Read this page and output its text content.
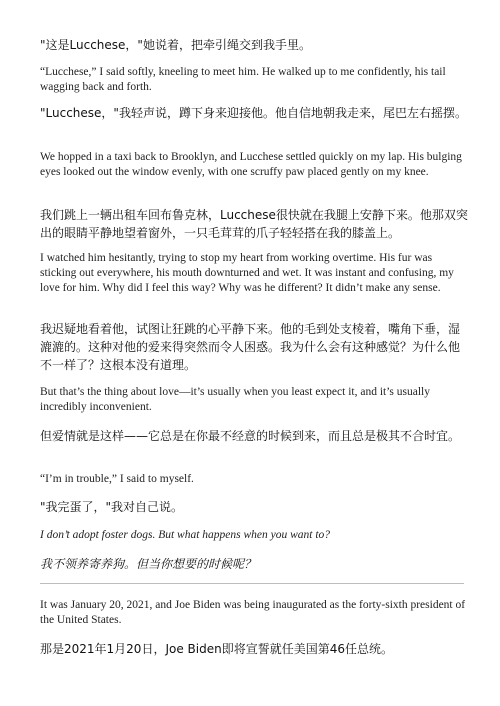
"这是Lucchese，"她说着，把牵引绳交到我手里。

“Lucchese,” I said softly, kneeling to meet him. He walked up to me confidently, his tail wagging back and forth.

"Lucchese，"我轻声说，蹲下身来迎接他。他自信地朝我走来，尾巴左右摇摆。

We hopped in a taxi back to Brooklyn, and Lucchese settled quickly on my lap. His bulging eyes looked out the window evenly, with one scruffy paw placed gently on my knee.

我们跳上一辆出租车回布鲁克林，Lucchese很快就在我腿上安静下来。他那双突出的眼睛平静地望着窗外，一只毛茸茸的爪子轻轻搭在我的膝盖上。

I watched him hesitantly, trying to stop my heart from working overtime. His fur was sticking out everywhere, his mouth downturned and wet. It was instant and confusing, my love for him. Why did I feel this way? Why was he different? It didn’t make any sense.

我迟疑地看着他，试图让狂跳的心平静下来。他的毛到处支棱着，嘴角下垂，湿漉漉的。这种对他的爱来得突然而令人困惑。我为什么会有这种感觉？为什么他不一样了？这根本没有道理。

But that’s the thing about love—it’s usually when you least expect it, and it’s usually incredibly inconvenient.

但爱情就是这样——它总是在你最不经意的时候到来，而且总是极其不合时宜。

“I’m in trouble,” I said to myself.

"我完蛋了，"我对自己说。

I don’t adopt foster dogs. But what happens when you want to?

我不领养寄养狗。但当你想要的时候呢？

It was January 20, 2021, and Joe Biden was being inaugurated as the forty-sixth president of the United States.

那是2021年1月20日，Joe Biden即将宣誓就任美国第46任总统。
